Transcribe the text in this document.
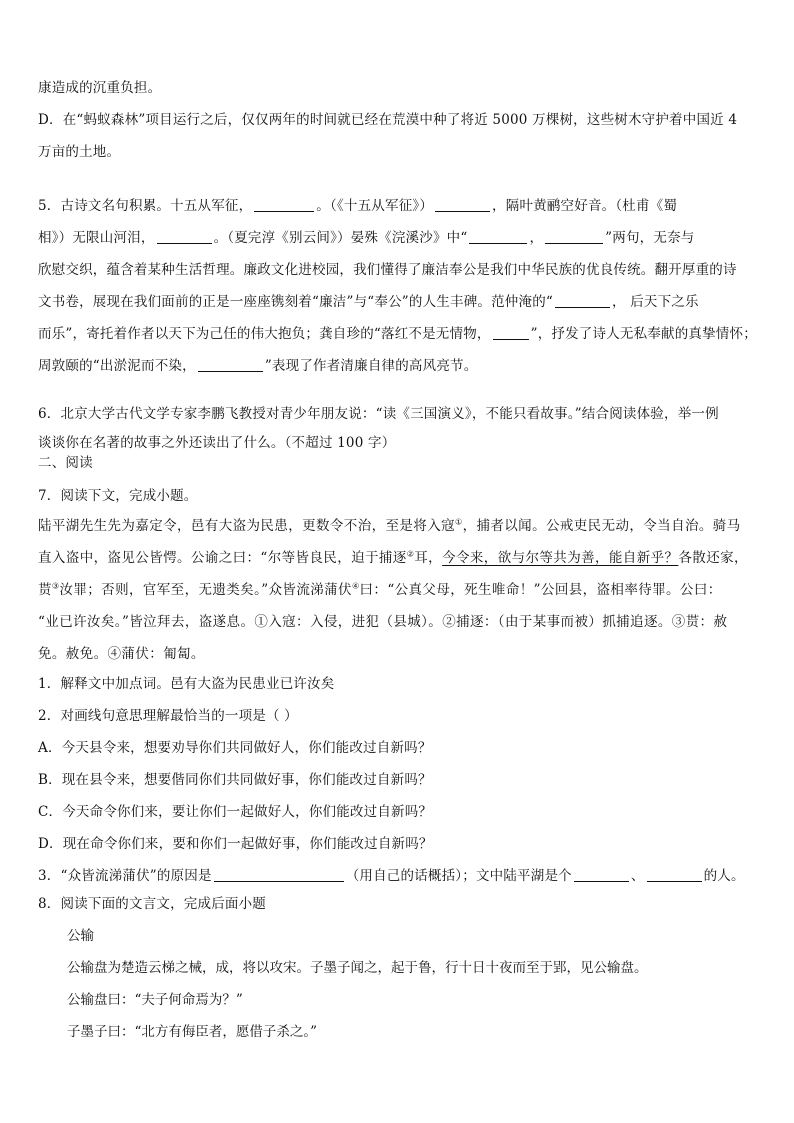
康造成的沉重负担。
D．在“蚂蚁森林”项目运行之后，仅仅两年的时间就已经在荒漠中种了将近 5000 万棵树，这些树木守护着中国近 4
万亩的土地。
5．古诗文名句积累。十五从军征，	。（《十五从军征》）	，隔叶黄鹂空好音。（杜甫《蜀
相》）无限山河泪，	。（夏完淳《别云间》）晏殊《浣溪沙》中“	，	”两句，无奈与
欣慰交织，蕴含着某种生活哲理。廉政文化进校园，我们懂得了廉洁奉公是我们中华民族的优良传统。翻开厚重的诗
文书卷，展现在我们面前的正是一座座镌刻着“廉洁”与“奉公”的人生丰碑。范仲淹的“	， 后天下之乐
而乐”，寄托着作者以天下为己任的伟大抱负；龚自珍的“落红不是无情物，	”，抒发了诗人无私奉献的真挚情怀；
周敦颐的“出淤泥而不染，	”表现了作者清廉自律的高风亮节。
6．北京大学古代文学专家李鹏飞教授对青少年朋友说：“读《三国演义》，不能只看故事。”结合阅读体验，举一例
谈谈你在名著的故事之外还读出了什么。（不超过 100 字）
二、阅读
7．阅读下文，完成小题。
陆平湖先生先为嘉定令，邑有大盗为民患，更数令不治，至是将入寇①，捕者以闻。公戒吏民无动，令当自治。骑马
直入盗中，盗见公皆愕。公谕之曰：“尔等皆良民，迫于捕逐②耳，今令来，欲与尔等共为善，能自新乎？各散还家，
贳③汝罪；否则，官军至，无遗类矣。”众皆流涕蒲伏④曰：“公真父母，死生唯命！”公回县，盗相率待罪。公曰：
“业已许汝矣。”皆泣拜去，盗遂息。①入寇：入侵，进犯（县城）。②捕逐：（由于某事而被）抓捕追逐。③贳：赦
免。赦免。④蒲伏：匍匐。
1．解释文中加点词。邑有大盗为民患业已许汝矣
2．对画线句意思理解最恰当的一项是（ ）
A．今天县令来，想要劝导你们共同做好人，你们能改过自新吗？
B．现在县令来，想要偕同你们共同做好事，你们能改过自新吗？
C．今天命令你们来，要让你们一起做好人，你们能改过自新吗？
D．现在命令你们来，要和你们一起做好事，你们能改过自新吗？
3．“众皆流涕蒲伏”的原因是	（用自己的话概括）；文中陆平湖是个	、	的人。
8．阅读下面的文言文，完成后面小题
公输
公输盘为楚造云梯之械，成，将以攻宋。子墨子闻之，起于鲁，行十日十夜而至于郢，见公输盘。
公输盘曰：“夫子何命焉为？”
子墨子曰：“北方有侮臣者，愿借子杀之。”
